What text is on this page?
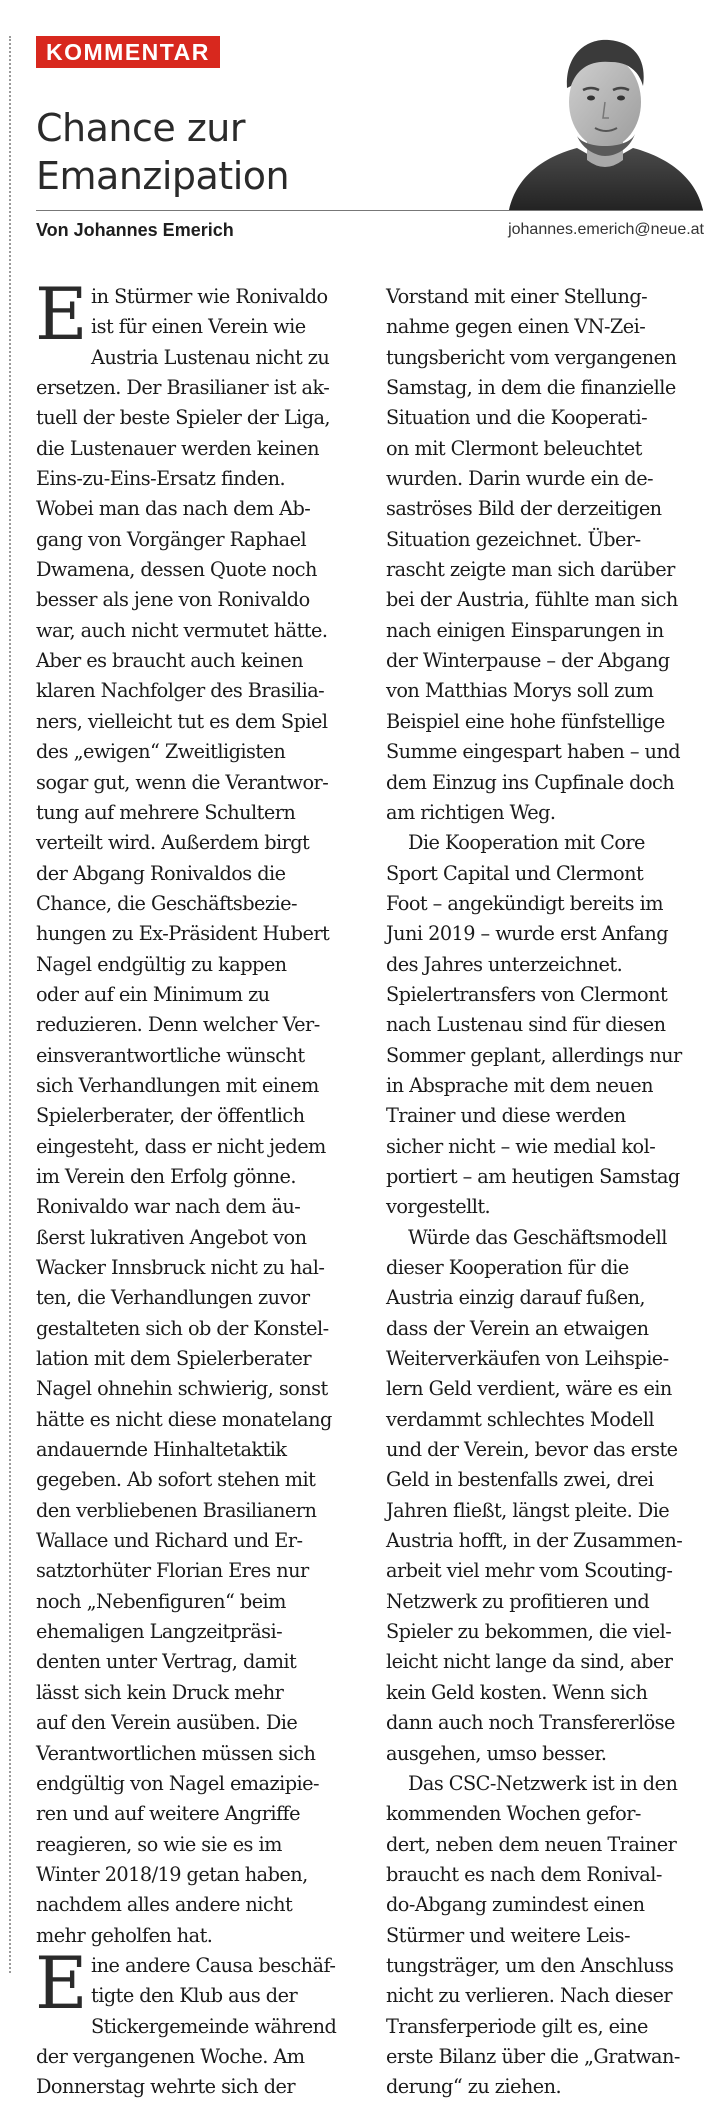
KOMMENTAR
Chance zur
Emanzipation
Von Johannes Emerich	johannes.emerich@neue.at

E in Stürmer wie Ronivaldo
ist für einen Verein wie
Austria Lustenau nicht zu
ersetzen. Der Brasilianer ist ak-
tuell der beste Spieler der Liga,
die Lustenauer werden keinen
Eins-zu-Eins-Ersatz finden.
Wobei man das nach dem Ab-
gang von Vorgänger Raphael
Dwamena, dessen Quote noch
besser als jene von Ronivaldo
war, auch nicht vermutet hätte.
Aber es braucht auch keinen
klaren Nachfolger des Brasilia-
ners, vielleicht tut es dem Spiel
des „ewigen“ Zweitligisten
sogar gut, wenn die Verantwor-
tung auf mehrere Schultern
verteilt wird. Außerdem birgt
der Abgang Ronivaldos die
Chance, die Geschäftsbezie-
hungen zu Ex-Präsident Hubert
Nagel endgültig zu kappen
oder auf ein Minimum zu
reduzieren. Denn welcher Ver-
einsverantwortliche wünscht
sich Verhandlungen mit einem
Spielerberater, der öffentlich
eingesteht, dass er nicht jedem
im Verein den Erfolg gönne.
Ronivaldo war nach dem äu-
ßerst lukrativen Angebot von
Wacker Innsbruck nicht zu hal-
ten, die Verhandlungen zuvor
gestalteten sich ob der Konstel-
lation mit dem Spielerberater
Nagel ohnehin schwierig, sonst
hätte es nicht diese monatelang
andauernde Hinhaltetaktik
gegeben. Ab sofort stehen mit
den verbliebenen Brasilianern
Wallace und Richard und Er-
satztorhüter Florian Eres nur
noch „Nebenfiguren“ beim
ehemaligen Langzeitpräsi-
denten unter Vertrag, damit
lässt sich kein Druck mehr
auf den Verein ausüben. Die
Verantwortlichen müssen sich
endgültig von Nagel emazipie-
ren und auf weitere Angriffe
reagieren, so wie sie es im
Winter 2018/19 getan haben,
nachdem alles andere nicht
mehr geholfen hat.

E ine andere Causa beschäf-
tigte den Klub aus der
Stickergemeinde während
der vergangenen Woche. Am
Donnerstag wehrte sich der

Vorstand mit einer Stellung-
nahme gegen einen VN-Zei-
tungsbericht vom vergangenen
Samstag, in dem die finanzielle
Situation und die Kooperati-
on mit Clermont beleuchtet
wurden. Darin wurde ein de-
saströses Bild der derzeitigen
Situation gezeichnet. Über-
rascht zeigte man sich darüber
bei der Austria, fühlte man sich
nach einigen Einsparungen in
der Winterpause – der Abgang
von Matthias Morys soll zum
Beispiel eine hohe fünfstellige
Summe eingespart haben – und
dem Einzug ins Cupfinale doch
am richtigen Weg.

Die Kooperation mit Core
Sport Capital und Clermont
Foot – angekündigt bereits im
Juni 2019 – wurde erst Anfang
des Jahres unterzeichnet.
Spielertransfers von Clermont
nach Lustenau sind für diesen
Sommer geplant, allerdings nur
in Absprache mit dem neuen
Trainer und diese werden
sicher nicht – wie medial kol-
portiert – am heutigen Samstag
vorgestellt.

Würde das Geschäftsmodell
dieser Kooperation für die
Austria einzig darauf fußen,
dass der Verein an etwaigen
Weiterverkäufen von Leihspie-
lern Geld verdient, wäre es ein
verdammt schlechtes Modell
und der Verein, bevor das erste
Geld in bestenfalls zwei, drei
Jahren fließt, längst pleite. Die
Austria hofft, in der Zusammen-
arbeit viel mehr vom Scouting-
Netzwerk zu profitieren und
Spieler zu bekommen, die viel-
leicht nicht lange da sind, aber
kein Geld kosten. Wenn sich
dann auch noch Transfererlöse
ausgehen, umso besser.

Das CSC-Netzwerk ist in den
kommenden Wochen gefor-
dert, neben dem neuen Trainer
braucht es nach dem Ronival-
do-Abgang zumindest einen
Stürmer und weitere Leis-
tungsträger, um den Anschluss
nicht zu verlieren. Nach dieser
Transferperiode gilt es, eine
erste Bilanz über die „Gratwan-
derung“ zu ziehen.
